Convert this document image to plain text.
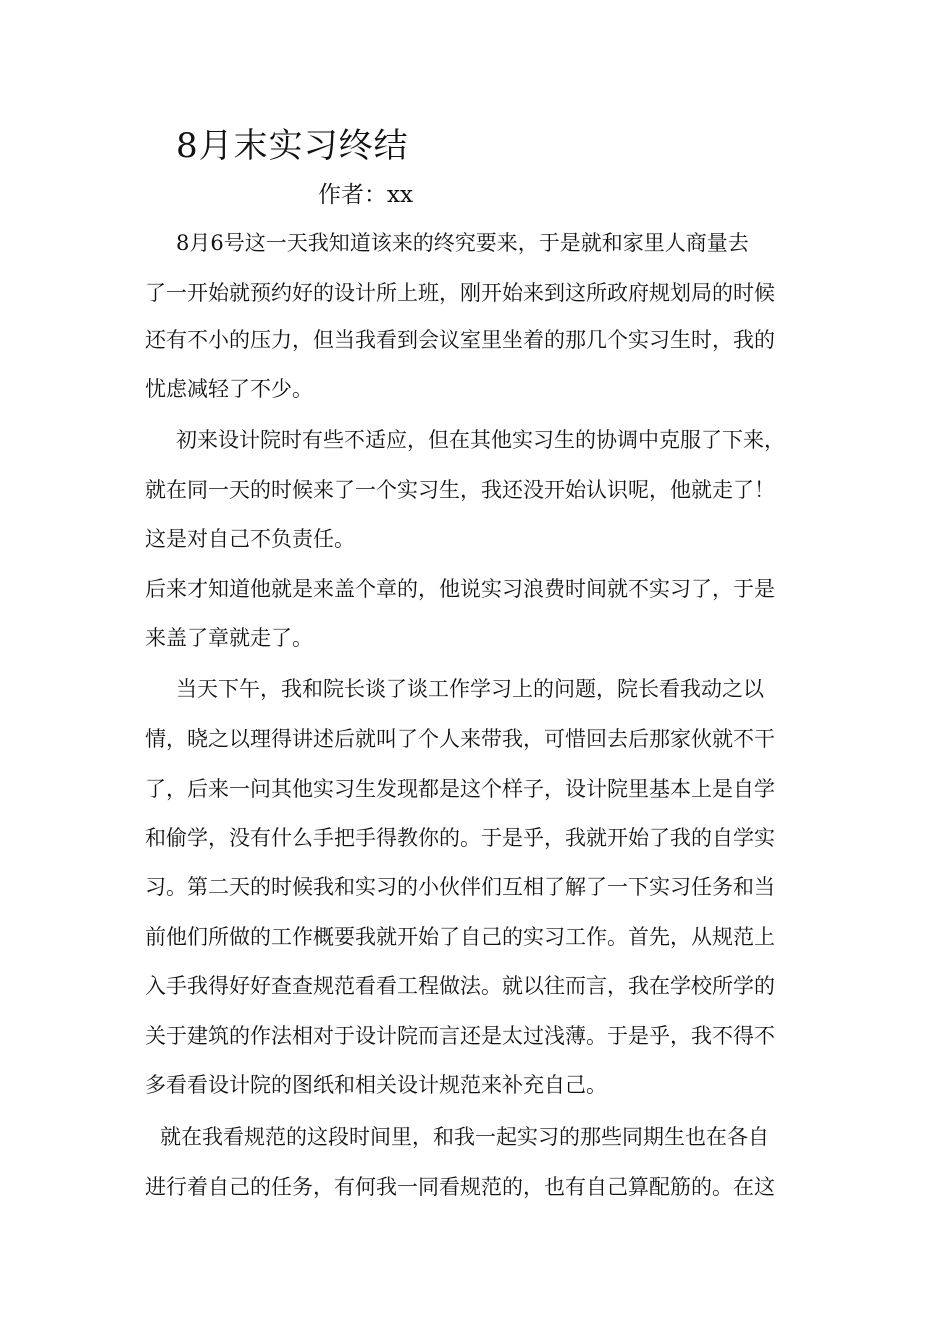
8月末实习终结
作者：xx
8月6号这一天我知道该来的终究要来，于是就和家里人商量去
了一开始就预约好的设计所上班，刚开始来到这所政府规划局的时候
还有不小的压力，但当我看到会议室里坐着的那几个实习生时，我的
忧虑减轻了不少。
初来设计院时有些不适应，但在其他实习生的协调中克服了下来，
就在同一天的时候来了一个实习生，我还没开始认识呢，他就走了！
这是对自己不负责任。
后来才知道他就是来盖个章的，他说实习浪费时间就不实习了，于是
来盖了章就走了。
当天下午，我和院长谈了谈工作学习上的问题，院长看我动之以
情，晓之以理得讲述后就叫了个人来带我，可惜回去后那家伙就不干
了，后来一问其他实习生发现都是这个样子，设计院里基本上是自学
和偷学，没有什么手把手得教你的。于是乎，我就开始了我的自学实
习。第二天的时候我和实习的小伙伴们互相了解了一下实习任务和当
前他们所做的工作概要我就开始了自己的实习工作。首先，从规范上
入手我得好好查查规范看看工程做法。就以往而言，我在学校所学的
关于建筑的作法相对于设计院而言还是太过浅薄。于是乎，我不得不
多看看设计院的图纸和相关设计规范来补充自己。
就在我看规范的这段时间里，和我一起实习的那些同期生也在各自
进行着自己的任务，有何我一同看规范的，也有自己算配筋的。在这
